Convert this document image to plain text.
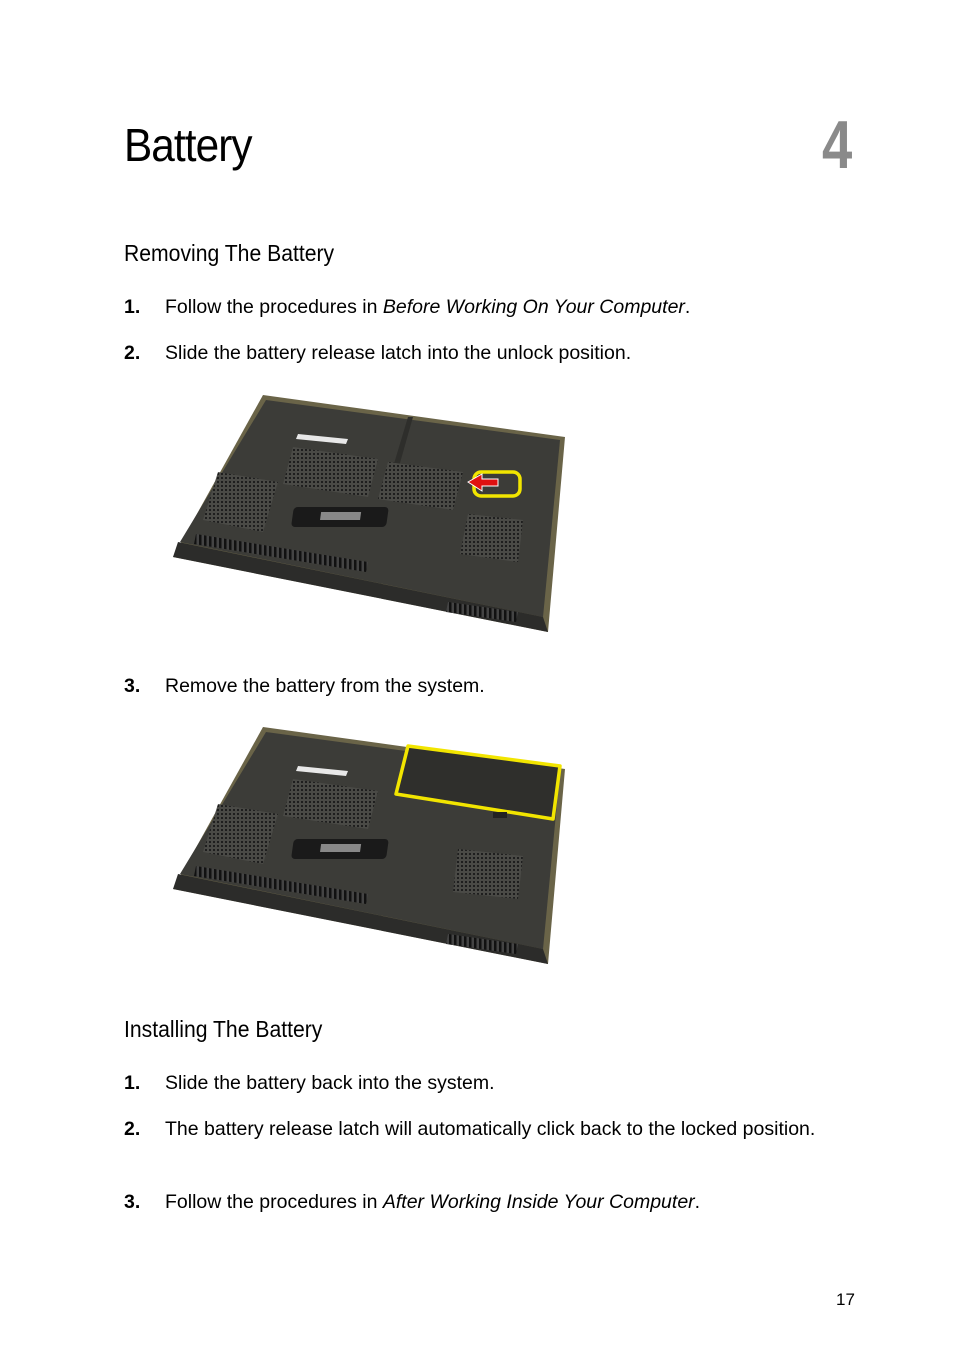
Battery	4
Removing The Battery
1. Follow the procedures in Before Working On Your Computer.
2. Slide the battery release latch into the unlock position.
3. Remove the battery from the system.
Installing The Battery
1. Slide the battery back into the system.
2. The battery release latch will automatically click back to the locked position.
3. Follow the procedures in After Working Inside Your Computer.
17
